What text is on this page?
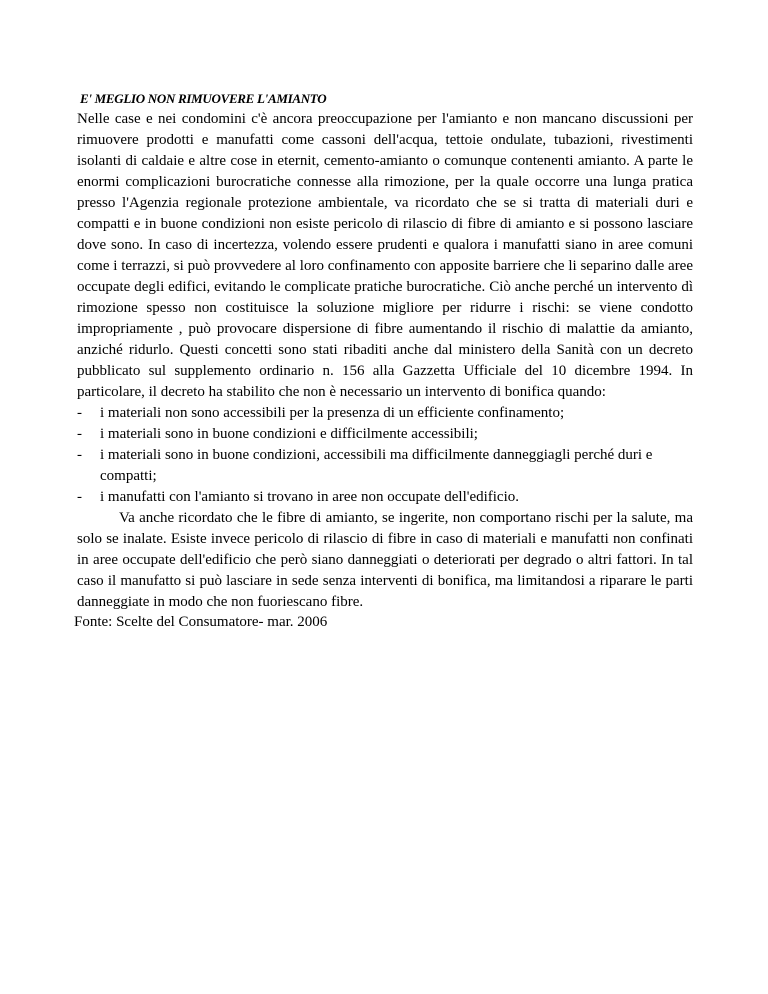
E' MEGLIO NON RIMUOVERE L'AMIANTO

Nelle case e nei condomini c'è ancora preoccupazione per l'amianto e non mancano discussioni per rimuovere prodotti e manufatti come cassoni dell'acqua, tettoie ondulate, tubazioni, rivestimenti isolanti di caldaie e altre cose in eternit, cemento-amianto o comunque contenenti amianto. A parte le enormi complicazioni burocratiche connesse alla rimozione, per la quale occorre una lunga pratica presso l'Agenzia regionale protezione ambientale, va ricordato che se si tratta di materiali duri e compatti e in buone condizioni non esiste pericolo di rilascio di fibre di amianto e si possono lasciare dove sono. In caso di incertezza, volendo essere prudenti e qualora i manufatti siano in aree comuni come i terrazzi, si può provvedere al loro confinamento con apposite barriere che li separino dalle aree occupate degli edifici, evitando le complicate pratiche burocratiche. Ciò anche perché un intervento dì rimozione spesso non costituisce la soluzione migliore per ridurre i rischi: se viene condotto impropriamente , può provocare dispersione di fibre aumentando il rischio di malattie da amianto, anziché ridurlo. Questi concetti sono stati ribaditi anche dal ministero della Sanità con un decreto pubblicato sul supplemento ordinario n. 156 alla Gazzetta Ufficiale del 10 dicembre 1994. In particolare, il decreto ha stabilito che non è necessario un intervento di bonifica quando:

- i materiali non sono accessibili per la presenza di un efficiente confinamento;
- i materiali sono in buone condizioni e difficilmente accessibili;
- i materiali sono in buone condizioni, accessibili ma difficilmente danneggiagli perché duri e compatti;
- i manufatti con l'amianto si trovano in aree non occupate dell'edificio.

Va anche ricordato che le fibre di amianto, se ingerite, non comportano rischi per la salute, ma solo se inalate. Esiste invece pericolo di rilascio di fibre in caso di materiali e manufatti non confinati in aree occupate dell'edificio che però siano danneggiati o deteriorati per degrado o altri fattori. In tal caso il manufatto si può lasciare in sede senza interventi di bonifica, ma limitandosi a riparare le parti danneggiate in modo che non fuoriescano fibre.

Fonte: Scelte del Consumatore- mar. 2006
